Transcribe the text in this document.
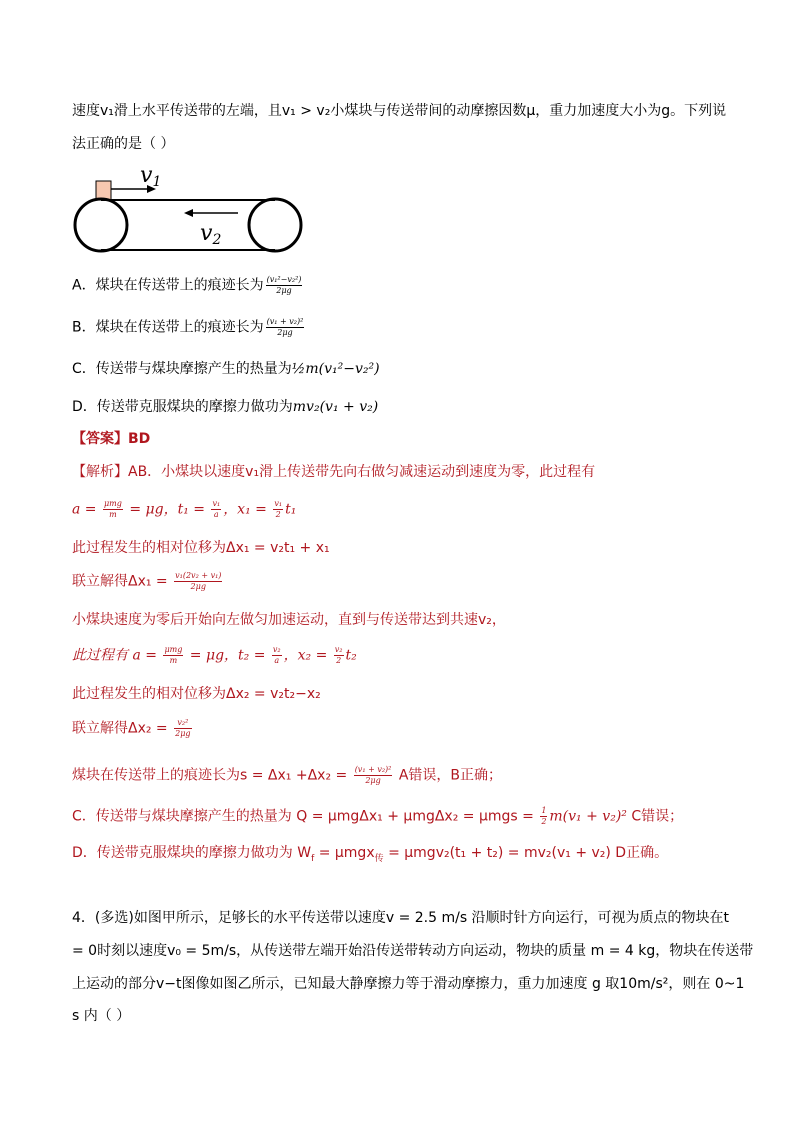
速度v₁滑上水平传送带的左端，且v₁ > v₂小煤块与传送带间的动摩擦因数μ，重力加速度大小为g。下列说
法正确的是（ ）
v1
v2
A．煤块在传送带上的痕迹长为 $\frac{\text{(v₁²−v₂²)}}{2\mu g}$
B．煤块在传送带上的痕迹长为 $\frac{\text{(v₁ + v₂)²}}{2\mu g}$
C．传送带与煤块摩擦产生的热量为½m(v₁²−v₂²)
D．传送带克服煤块的摩擦力做功为mv₂(v₁ + v₂)
【答案】BD
【解析】AB．小煤块以速度v₁滑上传送带先向右做匀减速运动到速度为零，此过程有
$a = \frac{\text{μmg}}{m} = \mu g$，$t_1 = \frac{\text{v₁}}{a}$ ，$x_1 = \frac{\text{v₁}}{2} t_1$
此过程发生的相对位移为Δx₁ = v₂t₁ + x₁
联立解得$\Delta x_1 = \frac{\text{v₁(2v₂ + v₁)}}{2\mu g}$
小煤块速度为零后开始向左做匀加速运动，直到与传送带达到共速v₂，
此过程有 $a = \frac{\text{μmg}}{m} = \mu g$，$t_2 = \frac{\text{v₂}}{a}$ ，$x_2 = \frac{\text{v₂}}{2} t_2$
此过程发生的相对位移为Δx₂ = v₂t₂−x₂
联立解得$\Delta x_2 = \frac{\text{v₂²}}{2\mu g}$
煤块在传送带上的痕迹长为$s = \Delta x_1 +\Delta x_2 = \frac{\text{(v₁ + v₂)²}}{2\mu g}$ A错误，B正确；
C．传送带与煤块摩擦产生的热量为 $Q = \mu mg\Delta x_1 + \mu mg\Delta x_2 = \mu mgs = \frac{1}{2} m(v_1 + v_2)^2$ C错误；
D．传送带克服煤块的摩擦力做功为 $W_f = \mu mgx_传 = \mu mgv_2(t_1 + t_2) = mv_2(v_1 + v_2)$ D正确。
4．(多选)如图甲所示，足够长的水平传送带以速度v = 2.5 m/s 沿顺时针方向运行，可视为质点的物块在t
= 0时刻以速度v₀ = 5m/s，从传送带左端开始沿传送带转动方向运动，物块的质量 m = 4 kg，物块在传送带
上运动的部分v−t图像如图乙所示，已知最大静摩擦力等于滑动摩擦力，重力加速度 g 取10m/s²，则在 0~1
s 内（ ）
